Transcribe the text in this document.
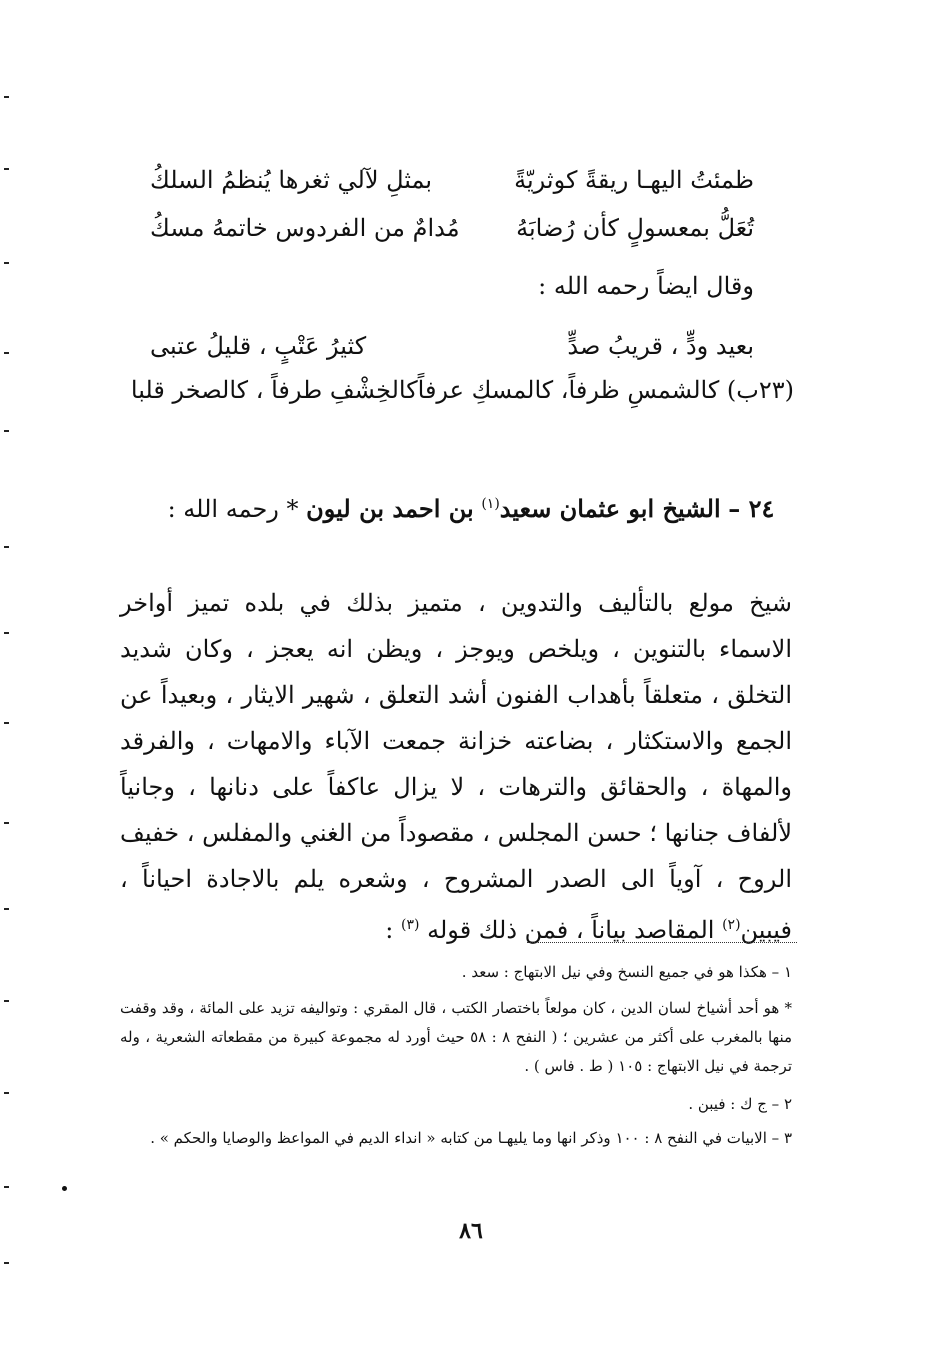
ظمئتُ اليهـا ريقةً كوثريّةً
بمثلِ لآلي ثغرها يُنظمُ السلكُ
تُعَلُّ بمعسولٍ كأن رُضابَهُ
مُدامٌ من الفردوس خاتمهُ مسكُ
وقال ايضاً رحمه الله :
بعيد ودٍّ ، قريبُ صدٍّ
كثيرُ عَتْبٍ ، قليلُ عتبى
(٢٣ب) كالشمسِ ظرفاً، كالمسكِ عرفاً
كالخِشْفِ طرفاً ، كالصخر قلبا
٢٤ – الشيخ ابو عثمان سعيد$^{(١)}$ بن احمد بن ليون * رحمه الله :
شيخ مولع بالتأليف والتدوين ، متميز بذلك في بلده تميز أواخر الاسماء بالتنوين ، ويلخص ويوجز ، ويظن انه يعجز ، وكان شديد التخلق ، متعلقاً بأهداب الفنون أشد التعلق ، شهير الايثار ، وبعيداً عن الجمع والاستكثار ، بضاعته خزانة جمعت الآباء والامهات ، والفرقد والمهاة ، والحقائق والترهات ، لا يزال عاكفاً على دنانها ، وجانياً لألفاف جنانها ؛ حسن المجلس ، مقصوداً من الغني والمفلس ، خفيف الروح ، آوياً الى الصدر المشروح ، وشعره يلم بالاجادة احياناً ، فيبين$^{(٢)}$ المقاصد بياناً ، فمن ذلك قوله $^{(٣)}$ :
١ – هكذا هو في جميع النسخ وفي نيل الابتهاج : سعد .
* هو أحد أشياخ لسان الدين ، كان مولعاً باختصار الكتب ، قال المقري : وتواليفه تزيد على المائة ، وقد وقفت منها بالمغرب على أكثر من عشرين ؛ ( النفح ٨ : ٥٨ حيث أورد له مجموعة كبيرة من مقطعاته الشعرية ، وله ترجمة في نيل الابتهاج : ١٠٥ ( ط . فاس ) .
٢ – ج ك : فيبن .
٣ – الابيات في النفح ٨ : ١٠٠ وذكر انها وما يليهـا من كتابه « انداء الديم في المواعظ والوصايا والحكم » .
٨٦
